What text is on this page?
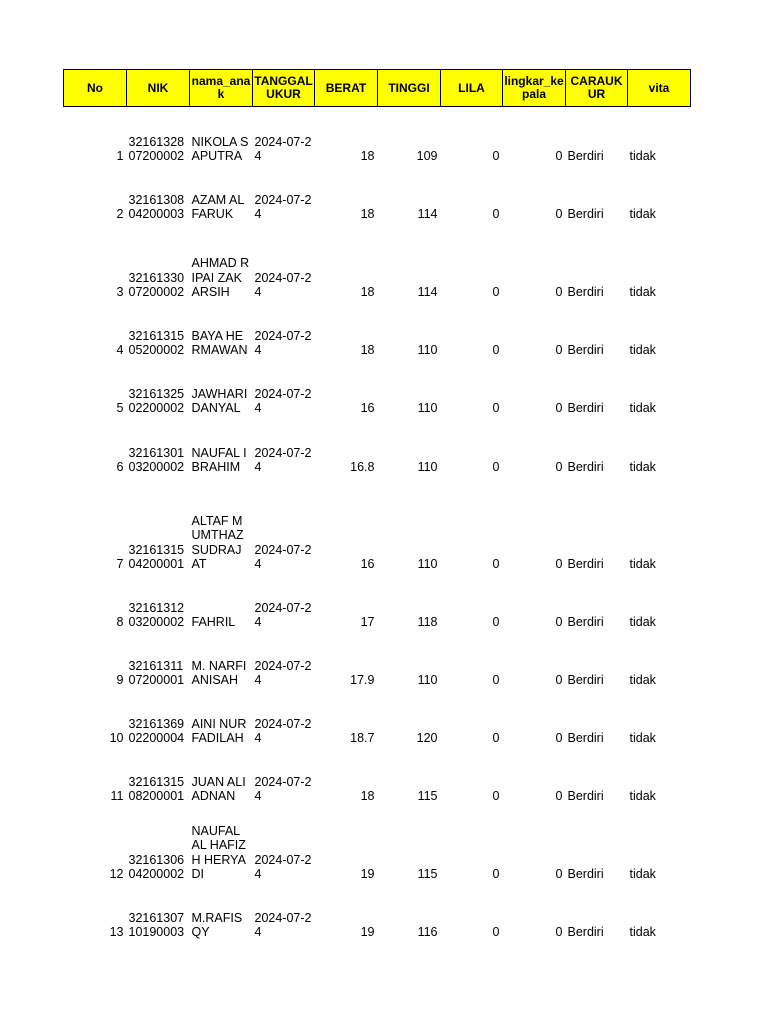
No	NIK	nama_anak	TANGGAL UKUR	BERAT	TINGGI	LILA	lingkar_kepala	CARAUKUR	vita
1	3216132807200002	NIKOLA SAPUTRA	2024-07-24	18	109	0	0	Berdiri	tidak
2	3216130804200003	AZAM ALFARUK	2024-07-24	18	114	0	0	Berdiri	tidak
3	3216133007200002	AHMAD RIPAI ZAKARSIH	2024-07-24	18	114	0	0	Berdiri	tidak
4	3216131505200002	BAYA HERMAWAN	2024-07-24	18	110	0	0	Berdiri	tidak
5	3216132502200002	JAWHARI DANYAL	2024-07-24	16	110	0	0	Berdiri	tidak
6	3216130103200002	NAUFAL IBRAHIM	2024-07-24	16.8	110	0	0	Berdiri	tidak
7	3216131504200001	ALTAF MUMTHAZ SUDRAJAT	2024-07-24	16	110	0	0	Berdiri	tidak
8	3216131203200002	FAHRIL	2024-07-24	17	118	0	0	Berdiri	tidak
9	3216131107200001	M. NARFI ANISAH	2024-07-24	17.9	110	0	0	Berdiri	tidak
10	3216136902200004	AINI NUR FADILAH	2024-07-24	18.7	120	0	0	Berdiri	tidak
11	3216131508200001	JUAN ALI ADNAN	2024-07-24	18	115	0	0	Berdiri	tidak
12	3216130604200002	NAUFAL AL HAFIZH HERYADI	2024-07-24	19	115	0	0	Berdiri	tidak
13	3216130710190003	M.RAFISQY	2024-07-24	19	116	0	0	Berdiri	tidak
